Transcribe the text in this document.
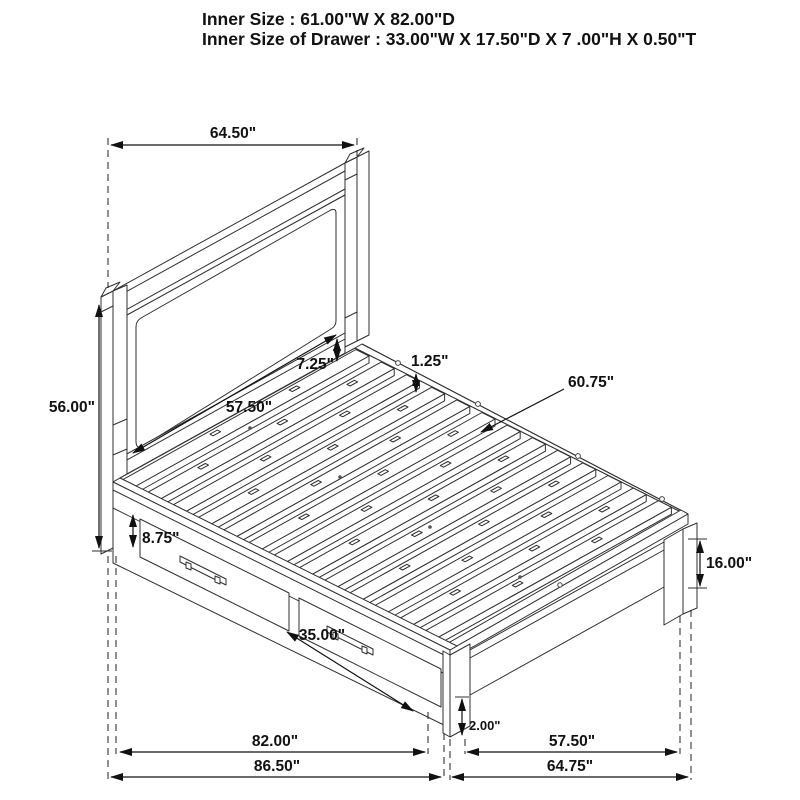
64.50"
56.00"	57.50"
7.25"	1.25"
60.75"
8.75"
35.00"
16.00"
2.00"
82.00"
86.50"
57.50"
64.75"
Inner Size : 61.00"W X 82.00"D
Inner Size of Drawer : 33.00"W X 17.50"D X 7 .00"H X 0.50"T
